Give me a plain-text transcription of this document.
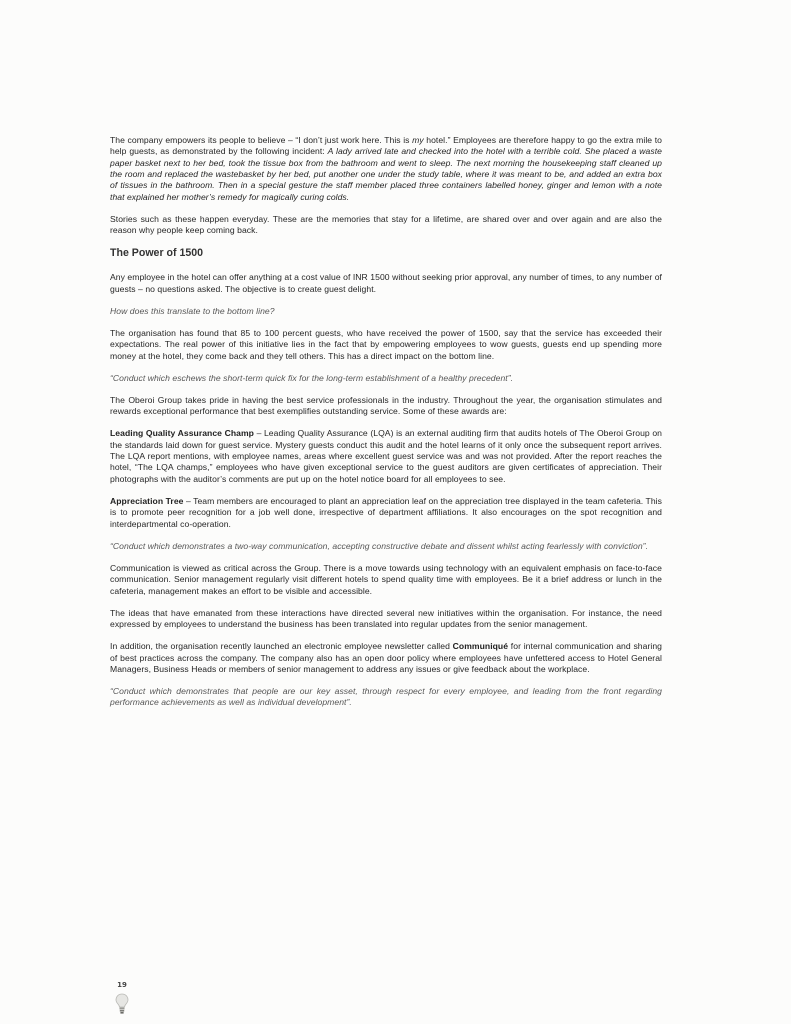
The company empowers its people to believe – “I don’t just work here. This is my hotel.” Employees are therefore happy to go the extra mile to help guests, as demonstrated by the following incident: A lady arrived late and checked into the hotel with a terrible cold. She placed a waste paper basket next to her bed, took the tissue box from the bathroom and went to sleep. The next morning the housekeeping staff cleaned up the room and replaced the wastebasket by her bed, put another one under the study table, where it was meant to be, and added an extra box of tissues in the bathroom. Then in a special gesture the staff member placed three containers labelled honey, ginger and lemon with a note that explained her mother’s remedy for magically curing colds.

Stories such as these happen everyday. These are the memories that stay for a lifetime, are shared over and over again and are also the reason why people keep coming back.

The Power of 1500

Any employee in the hotel can offer anything at a cost value of INR 1500 without seeking prior approval, any number of times, to any number of guests – no questions asked. The objective is to create guest delight.

How does this translate to the bottom line?

The organisation has found that 85 to 100 percent guests, who have received the power of 1500, say that the service has exceeded their expectations. The real power of this initiative lies in the fact that by empowering employees to wow guests, guests end up spending more money at the hotel, they come back and they tell others. This has a direct impact on the bottom line.

“Conduct which eschews the short-term quick fix for the long-term establishment of a healthy precedent”.

The Oberoi Group takes pride in having the best service professionals in the industry. Throughout the year, the organisation stimulates and rewards exceptional performance that best exemplifies outstanding service. Some of these awards are:

Leading Quality Assurance Champ – Leading Quality Assurance (LQA) is an external auditing firm that audits hotels of The Oberoi Group on the standards laid down for guest service. Mystery guests conduct this audit and the hotel learns of it only once the subsequent report arrives. The LQA report mentions, with employee names, areas where excellent guest service was and was not provided. After the report reaches the hotel, “The LQA champs,” employees who have given exceptional service to the guest auditors are given certificates of appreciation. Their photographs with the auditor’s comments are put up on the hotel notice board for all employees to see.

Appreciation Tree – Team members are encouraged to plant an appreciation leaf on the appreciation tree displayed in the team cafeteria. This is to promote peer recognition for a job well done, irrespective of department affiliations. It also encourages on the spot recognition and interdepartmental co-operation.

“Conduct which demonstrates a two-way communication, accepting constructive debate and dissent whilst acting fearlessly with conviction”.

Communication is viewed as critical across the Group. There is a move towards using technology with an equivalent emphasis on face-to-face communication. Senior management regularly visit different hotels to spend quality time with employees. Be it a brief address or lunch in the cafeteria, management makes an effort to be visible and accessible.

The ideas that have emanated from these interactions have directed several new initiatives within the organisation. For instance, the need expressed by employees to understand the business has been translated into regular updates from the senior management.

In addition, the organisation recently launched an electronic employee newsletter called Communiqué for internal communication and sharing of best practices across the company. The company also has an open door policy where employees have unfettered access to Hotel General Managers, Business Heads or members of senior management to address any issues or give feedback about the workplace.

“Conduct which demonstrates that people are our key asset, through respect for every employee, and leading from the front regarding performance achievements as well as individual development”.

19
